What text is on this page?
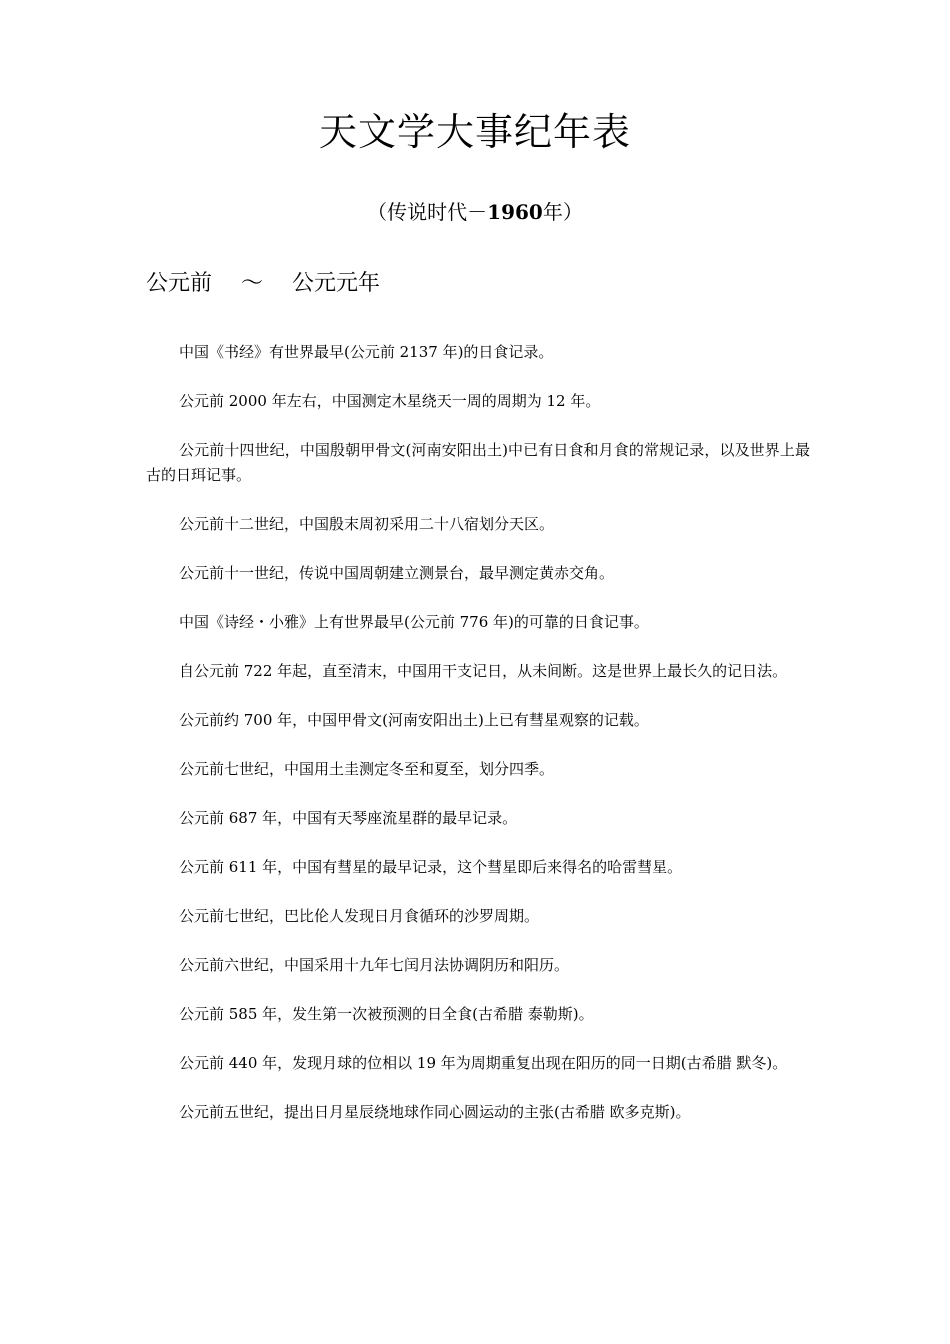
天文学大事纪年表

（传说时代－1960年）

公元前 　～　 公元元年
中国《书经》有世界最早(公元前 2137 年)的日食记录。
公元前 2000 年左右，中国测定木星绕天一周的周期为 12 年。
公元前十四世纪，中国殷朝甲骨文(河南安阳出土)中已有日食和月食的常规记录，以及世界上最古的日珥记事。
公元前十二世纪，中国殷末周初采用二十八宿划分天区。
公元前十一世纪，传说中国周朝建立测景台，最早测定黄赤交角。
中国《诗经・小雅》上有世界最早(公元前 776 年)的可靠的日食记事。
自公元前 722 年起，直至清末，中国用干支记日，从未间断。这是世界上最长久的记日法。
公元前约 700 年，中国甲骨文(河南安阳出土)上已有彗星观察的记载。
公元前七世纪，中国用土圭测定冬至和夏至，划分四季。
公元前 687 年，中国有天琴座流星群的最早记录。
公元前 611 年，中国有彗星的最早记录，这个彗星即后来得名的哈雷彗星。
公元前七世纪，巴比伦人发现日月食循环的沙罗周期。
公元前六世纪，中国采用十九年七闰月法协调阴历和阳历。
公元前 585 年，发生第一次被预测的日全食(古希腊 泰勒斯)。
公元前 440 年，发现月球的位相以 19 年为周期重复出现在阳历的同一日期(古希腊 默冬)。
公元前五世纪，提出日月星辰绕地球作同心圆运动的主张(古希腊 欧多克斯)。
